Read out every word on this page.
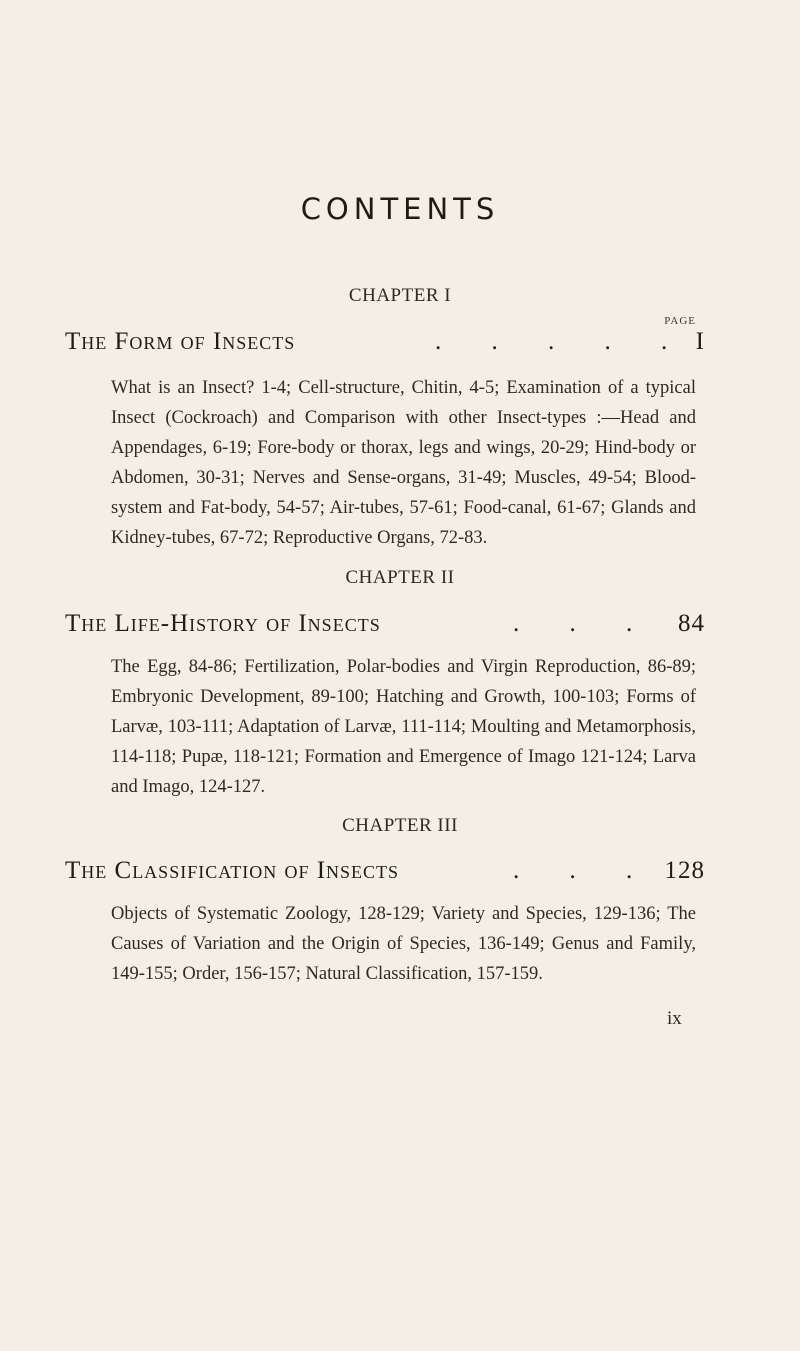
CONTENTS
CHAPTER I
PAGE
The Form of Insects	. . . . . I
What is an Insect? 1-4; Cell-structure, Chitin, 4-5; Examination of a typical Insect (Cockroach) and Comparison with other Insect-types :—Head and Appendages, 6-19; Fore-body or thorax, legs and wings, 20-29; Hind-body or Abdomen, 30-31; Nerves and Sense-organs, 31-49; Muscles, 49-54; Blood-system and Fat-body, 54-57; Air-tubes, 57-61; Food-canal, 61-67; Glands and Kidney-tubes, 67-72; Reproductive Organs, 72-83.
CHAPTER II
The Life-History of Insects	. . . 84
The Egg, 84-86; Fertilization, Polar-bodies and Virgin Reproduction, 86-89; Embryonic Development, 89-100; Hatching and Growth, 100-103; Forms of Larvæ, 103-111; Adaptation of Larvæ, 111-114; Moulting and Metamorphosis, 114-118; Pupæ, 118-121; Formation and Emergence of Imago 121-124; Larva and Imago, 124-127.
CHAPTER III
The Classification of Insects	. . . 128
Objects of Systematic Zoology, 128-129; Variety and Species, 129-136; The Causes of Variation and the Origin of Species, 136-149; Genus and Family, 149-155; Order, 156-157; Natural Classification, 157-159.
ix
